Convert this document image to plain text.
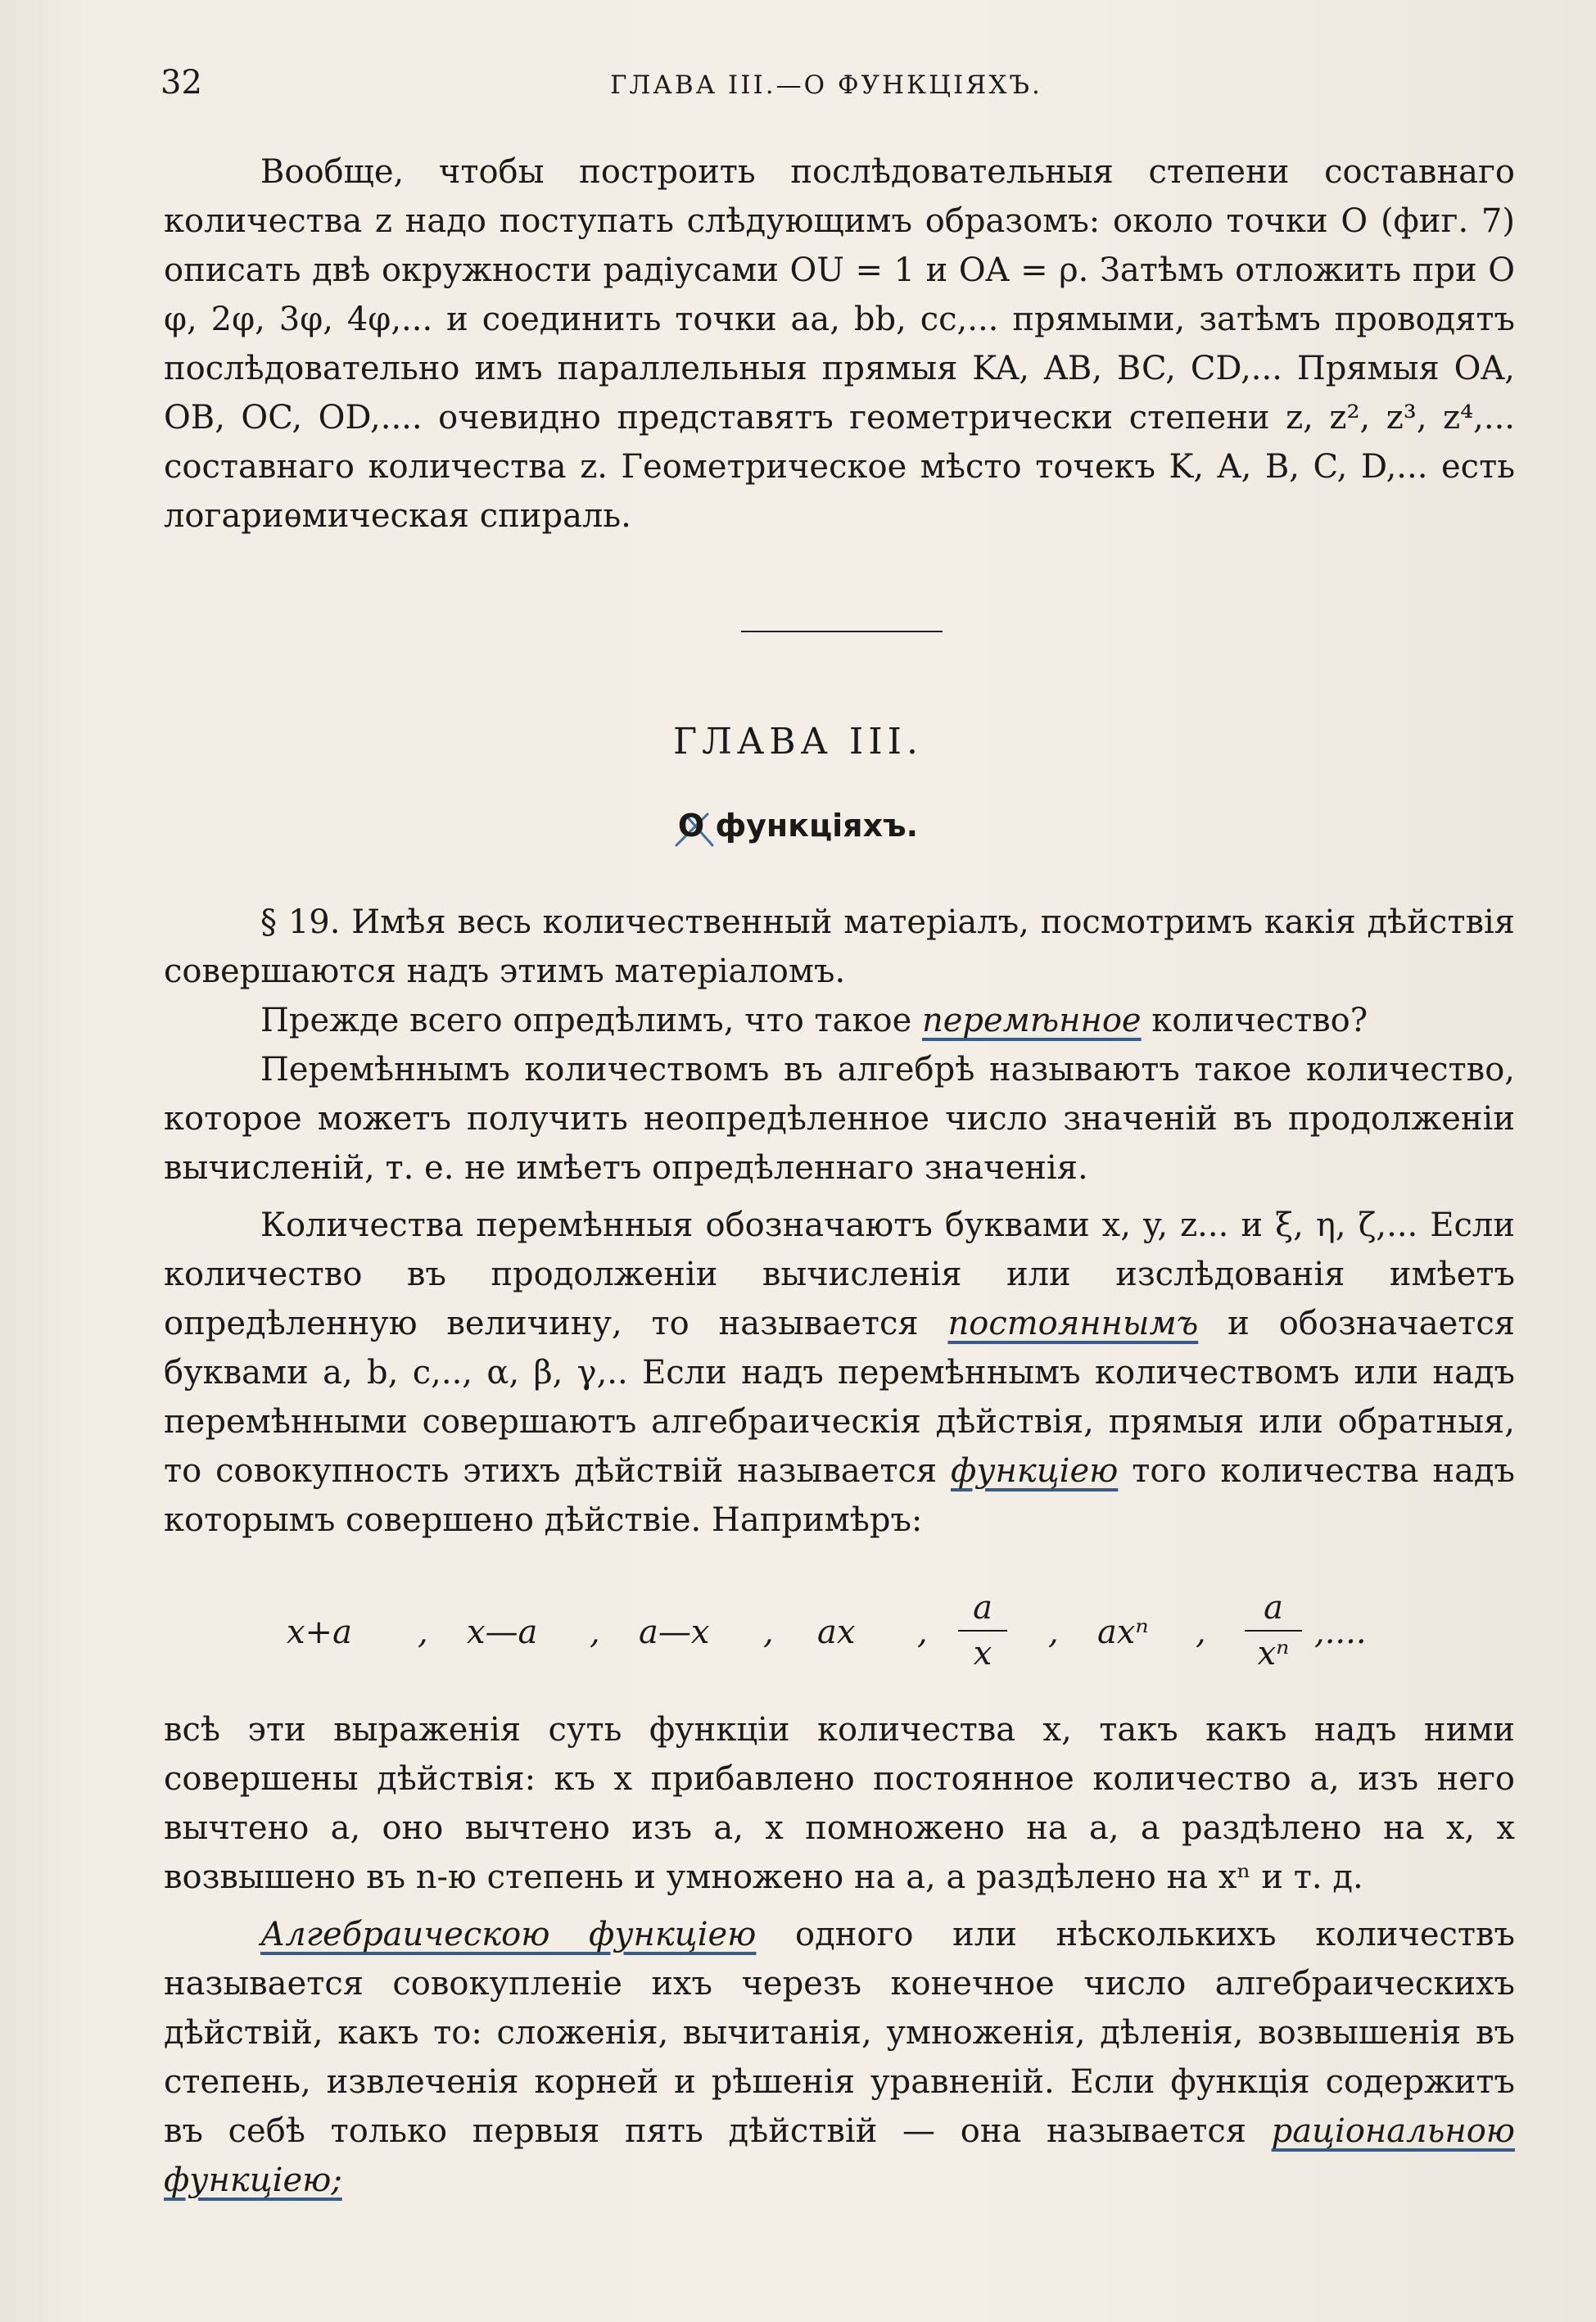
32	ГЛАВА III.—О ФУНКЦІЯХЪ.

Вообще, чтобы построить послѣдовательныя степени составнаго количества z надо поступать слѣдующимъ образомъ: около точки O (фиг. 7) описать двѣ окружности радіусами OU = 1 и OA = ρ. Затѣмъ отложить при O φ, 2φ, 3φ, 4φ,... и соединить точки aa, bb, cc,... прямыми, затѣмъ проводятъ послѣдовательно имъ параллельныя прямыя KA, AB, BC, CD,... Прямыя OA, OB, OC, OD,.... очевидно представятъ геометрически степени z, z², z³, z⁴,... составнаго количества z. Геометрическое мѣсто точекъ K, A, B, C, D,... есть логариѳмическая спираль.

ГЛАВА III.
О функціяхъ.

§ 19. Имѣя весь количественный матеріалъ, посмотримъ какія дѣйствія совершаются надъ этимъ матеріаломъ.

Прежде всего опредѣлимъ, что такое перемѣнное количество?

Перемѣннымъ количествомъ въ алгебрѣ называютъ такое количество, которое можетъ получить неопредѣленное число значеній въ продолженіи вычисленій, т. е. не имѣетъ опредѣленнаго значенія.

Количества перемѣнныя обозначаютъ буквами x, y, z... и ξ, η, ζ,... Если количество въ продолженіи вычисленія или изслѣдованія имѣетъ опредѣленную величину, то называется постояннымъ и обозначается буквами a, b, c,.., α, β, γ,.. Если надъ перемѣннымъ количествомъ или надъ перемѣнными совершаютъ алгебраическія дѣйствія, прямыя или обратныя, то совокупность этихъ дѣйствій называется функціею того количества надъ которымъ совершено дѣйствіе. Напримѣръ:

x+a , x—a , a—x , ax ,
a
x
, axⁿ ,
a
xⁿ
,....

всѣ эти выраженія суть функціи количества x, такъ какъ надъ ними совершены дѣйствія: къ x прибавлено постоянное количество a, изъ него вычтено a, оно вычтено изъ a, x помножено на a, a раздѣлено на x, x возвышено въ n-ю степень и умножено на a, a раздѣлено на xⁿ и т. д.

Алгебраическою функціею одного или нѣсколькихъ количествъ называется совокупленіе ихъ черезъ конечное число алгебраическихъ дѣйствій, какъ то: сложенія, вычитанія, умноженія, дѣленія, возвышенія въ степень, извлеченія корней и рѣшенія уравненій. Если функція содержитъ въ себѣ только первыя пять дѣйствій — она называется раціональною функціею;
